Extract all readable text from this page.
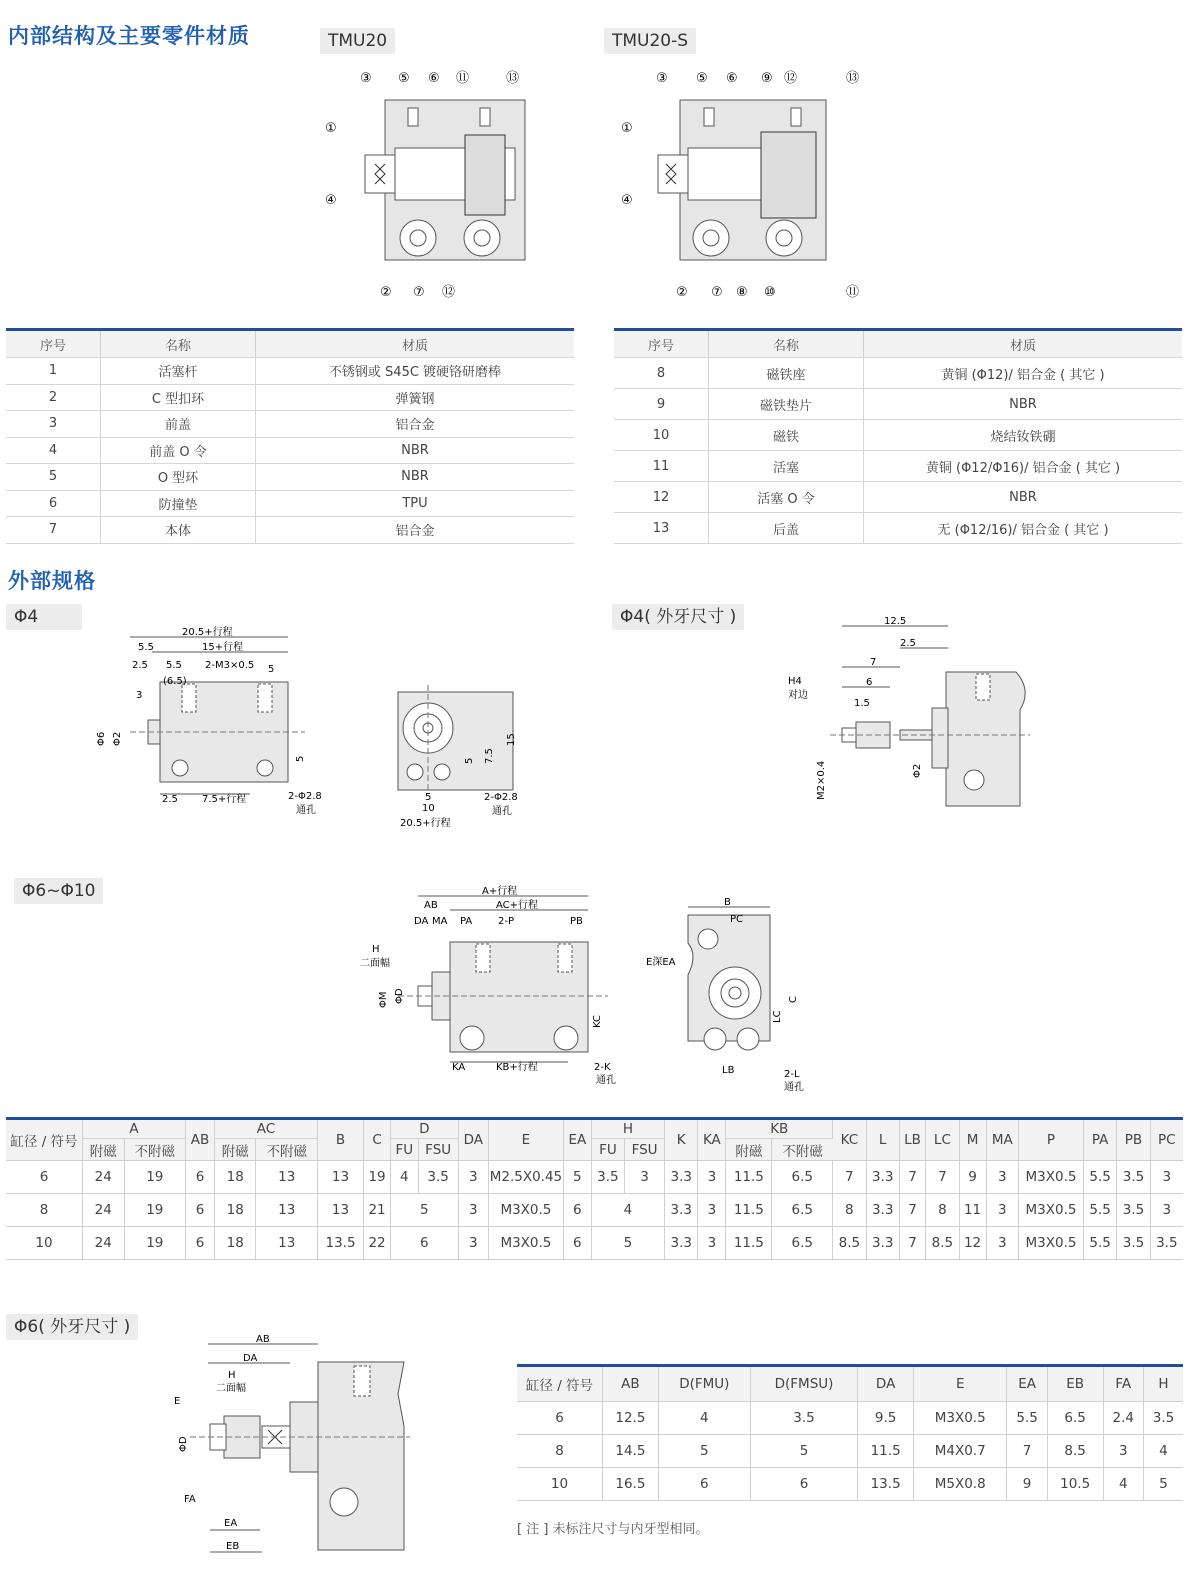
内部结构及主要零件材质	TMU20	TMU20-S
③ ⑤ ⑥ ⑪	⑬
①
④
② ⑦ ⑫
③ ⑤ ⑥ ⑨ ⑫	⑬
①
④
② ⑦ ⑧ ⑩	⑪
序号	名称	材质
1	活塞杆	不锈钢或 S45C 镀硬铬研磨棒
2	C 型扣环	弹簧钢
3	前盖	铝合金
4	前盖 O 令	NBR
5	O 型环	NBR
6	防撞垫	TPU
7	本体	铝合金
序号	名称	材质
8	磁铁座	黄铜 (Φ12)/ 铝合金 ( 其它 )
9	磁铁垫片	NBR
10	磁铁	烧结钕铁硼
11	活塞	黄铜 (Φ12/Φ16)/ 铝合金 ( 其它 )
12	活塞 O 令	NBR
13	后盖	无 (Φ12/16)/ 铝合金 ( 其它 )
外部规格
Φ4	Φ4( 外牙尺寸 )
20.5+行程
15+行程
5.5
2.5 5.5 2-M3×0.5 5
(6.5)
3
Φ6 Φ2
5
2.5 7.5+行程	2-Φ2.8
通孔
5 7.5
15
5
10
20.5+行程
2-Φ2.8
通孔
12.5
2.5
7
6
1.5
H4
对边
M2×0.4	Φ2
Φ6~Φ10	A+行程
AB	AC+行程
DA MA PA	2-P	PB
H
二面幅
ΦM ΦD
KC
KA	KB+行程	2-K
通孔
B
PC
E深EA
C
LC
LB	2-L
通孔
缸径 / 符号	A		AB	AC		B	C	D		DA	E	EA	H		K	KA	KB		KC	L	LB	LC	M	MA	P	PA	PB	PC
	附磁	不附磁		附磁	不附磁			FU	FSU				FU	FSU			附磁	不附磁										
6	24	19	6	18	13	13	19	4	3.5	3	M2.5X0.45	5	3.5	3	3.3	3	11.5	6.5	7	3.3	7	7	9	3	M3X0.5	5.5	3.5	3
8	24	19	6	18	13	13	21	5		3	M3X0.5	6	4		3.3	3	11.5	6.5	8	3.3	7	8	11	3	M3X0.5	5.5	3.5	3
10	24	19	6	18	13	13.5	22	6		3	M3X0.5	6	5		3.3	3	11.5	6.5	8.5	3.3	7	8.5	12	3	M3X0.5	5.5	3.5	3.5
Φ6( 外牙尺寸 )
AB
DA
H
二面幅
E
ΦD
FA
EA
EB
缸径 / 符号	AB	D(FMU)	D(FMSU)	DA	E	EA	EB	FA	H
6	12.5	4	3.5	9.5	M3X0.5	5.5	6.5	2.4	3.5
8	14.5	5	5	11.5	M4X0.7	7	8.5	3	4
10	16.5	6	6	13.5	M5X0.8	9	10.5	4	5
[ 注 ] 未标注尺寸与内牙型相同。
